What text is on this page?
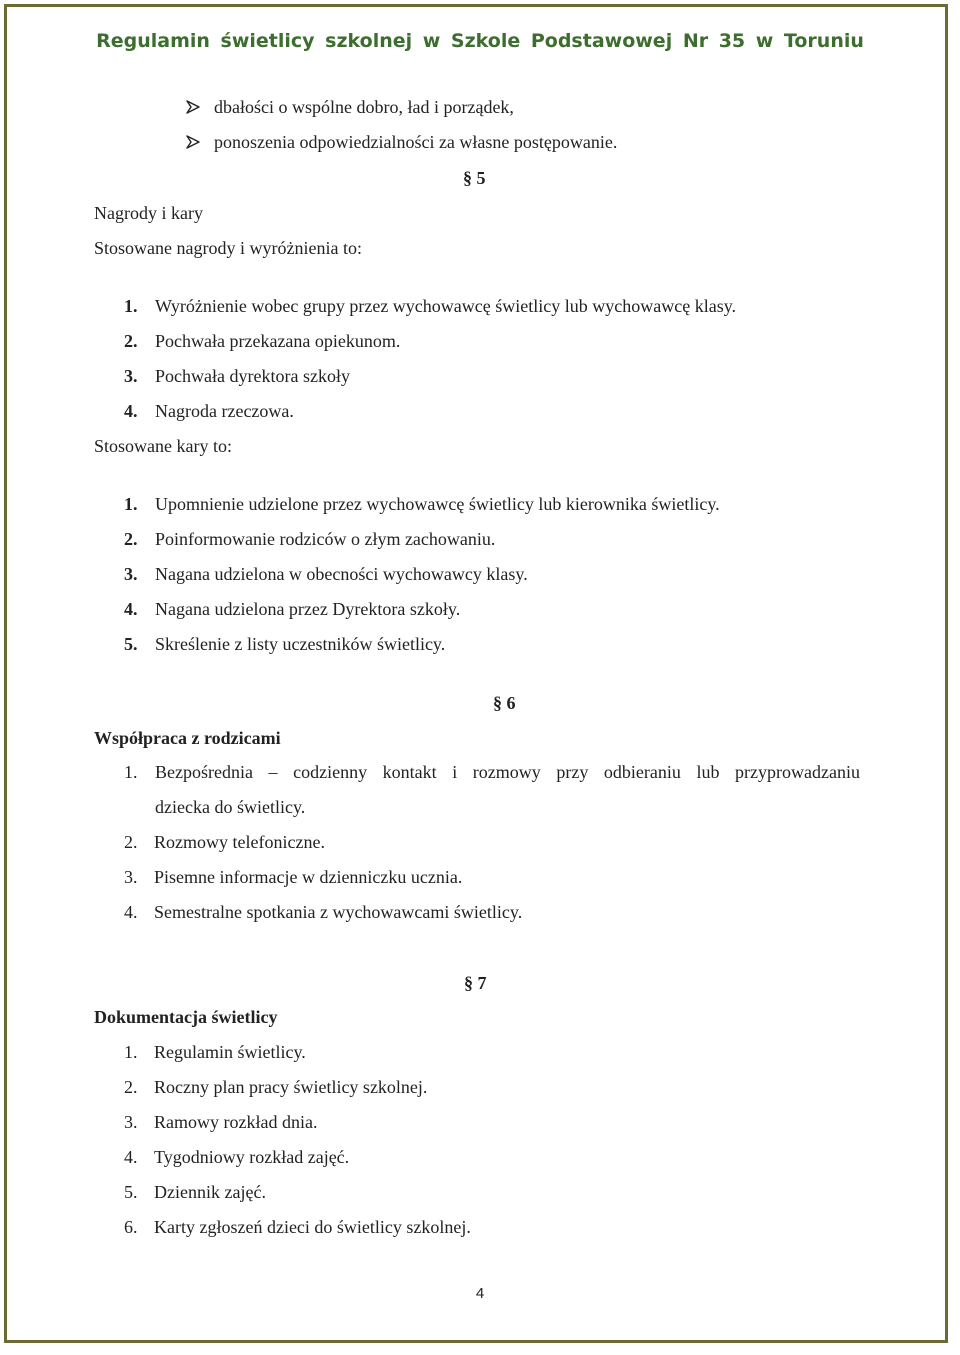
Regulamin świetlicy szkolnej w Szkole Podstawowej Nr 35 w Toruniu
dbałości o wspólne dobro, ład i porządek,
ponoszenia odpowiedzialności za własne postępowanie.
§ 5
Nagrody i kary
Stosowane nagrody i wyróżnienia to:
1. Wyróżnienie wobec grupy przez wychowawcę świetlicy lub wychowawcę klasy.
2. Pochwała przekazana opiekunom.
3. Pochwała dyrektora szkoły
4. Nagroda rzeczowa.
Stosowane kary to:
1. Upomnienie udzielone przez wychowawcę świetlicy lub kierownika świetlicy.
2. Poinformowanie rodziców o złym zachowaniu.
3. Nagana udzielona w obecności wychowawcy klasy.
4. Nagana udzielona przez Dyrektora szkoły.
5. Skreślenie z listy uczestników świetlicy.
§ 6
Współpraca z rodzicami
1. Bezpośrednia – codzienny kontakt i rozmowy przy odbieraniu lub przyprowadzaniu
dziecka do świetlicy.
2. Rozmowy telefoniczne.
3. Pisemne informacje w dzienniczku ucznia.
4. Semestralne spotkania z wychowawcami świetlicy.
§ 7
Dokumentacja świetlicy
1. Regulamin świetlicy.
2. Roczny plan pracy świetlicy szkolnej.
3. Ramowy rozkład dnia.
4. Tygodniowy rozkład zajęć.
5. Dziennik zajęć.
6. Karty zgłoszeń dzieci do świetlicy szkolnej.
4
